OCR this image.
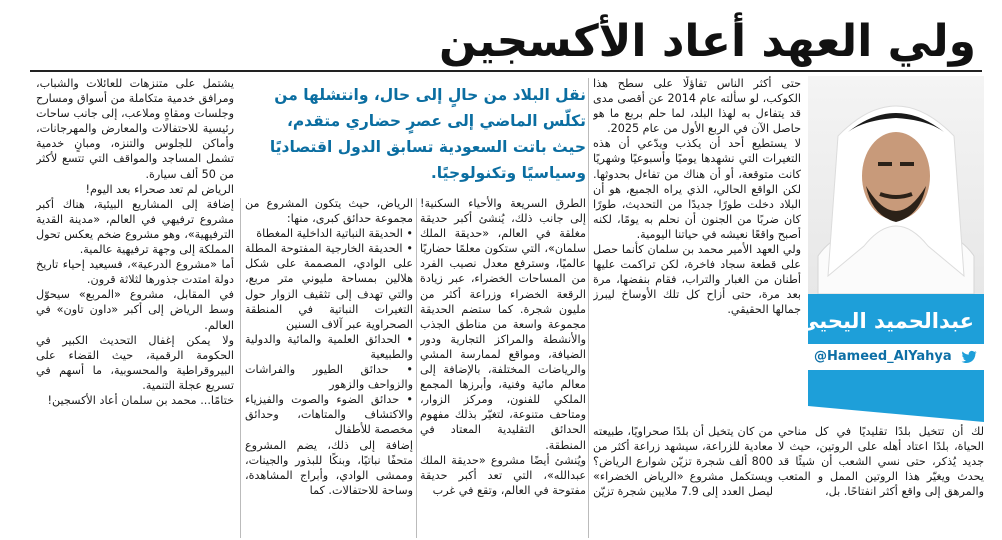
ولي العهد أعاد الأكسجين
عبدالحميد اليحيى
@Hameed_AlYahya

نقل البلاد من حالٍ إلى حال، وانتشلها من

تكلّس الماضي إلى عصرٍ حضاري متقدم،

حيث باتت السعودية تسابق الدول اقتصاديًا

وسياسيًا وتكنولوجيًا.

حتى أكثر الناس تفاؤلًا على سطح هذا الكوكب، لو سألته عام 2014 عن أقصى مدى قد يتفاءل به لهذا البلد، لما حلم بربع ما هو حاصل الآن في الربع الأول من عام 2025.

لا يستطيع أحد أن يكذب ويدّعي أن هذه التغيرات التي نشهدها يوميًا وأسبوعيًا وشهريًا كانت متوقعة، أو أن هناك من تفاءل بحدوثها. لكن الواقع الحالي، الذي يراه الجميع، هو أن البلاد دخلت طورًا جديدًا من التحديث، طورًا كان ضربًا من الجنون أن نحلم به يومًا، لكنه أصبح واقعًا نعيشه في حياتنا اليومية.

ولي العهد الأمير محمد بن سلمان كأنما حصل على قطعة سجاد فاخرة، لكن تراكمت عليها أطنان من الغبار والتراب، فقام بنفضها، مرة بعد مرة، حتى أزاح كل تلك الأوساخ ليبرز جمالها الحقيقي.

لك أن تتخيل بلدًا تقليديًا في كل مناحي الحياة، بلدًا اعتاد أهله على الروتين، حيث لا جديد يُذكر، حتى نسي الشعب أن شيئًا قد يحدث ويغيّر هذا الروتين الممل و المتعب والمرهق إلى واقع أكثر انفتاحًا. بل،

من كان يتخيل أن بلدًا صحراويًا، طبيعته معادية للزراعة، سيشهد زراعة أكثر من 800 ألف شجرة تزيّن شوارع الرياض؟ ويستكمل مشروع «الرياض الخضراء» ليصل العدد إلى 7.9 ملايين شجرة تزيّن

الطرق السريعة والأحياء السكنية! إلى جانب ذلك، يُنشئ أكبر حديقة مغلقة في العالم، «حديقة الملك سلمان»، التي ستكون معلمًا حضاريًا عالميًا، وسترفع معدل نصيب الفرد من المساحات الخضراء، عبر زيادة الرقعة الخضراء وزراعة أكثر من مليون شجرة. كما ستضم الحديقة مجموعة واسعة من مناطق الجذب والأنشطة والمراكز التجارية ودور الضيافة، ومواقع لممارسة المشي والرياضات المختلفة، بالإضافة إلى معالم مائية وفنية، وأبرزها المجمع الملكي للفنون، ومركز الزوار، ومتاحف متنوعة، لتغيّر بذلك مفهوم الحدائق التقليدية المعتاد في المنطقة.

ويُنشئ أيضًا مشروع «حديقة الملك عبدالله»، التي تعد أكبر حديقة مفتوحة في العالم، وتقع في غرب

الرياض، حيث يتكون المشروع من مجموعة حدائق كبرى، منها:

• الحديقة النباتية الداخلية المغطاة

• الحديقة الخارجية المفتوحة المطلة على الوادي، المصممة على شكل هلالين بمساحة مليوني متر مربع، والتي تهدف إلى تثقيف الزوار حول التغيرات النباتية في المنطقة الصحراوية عبر آلاف السنين

• الحدائق العلمية والمائية والدولية والطبيعية

• حدائق الطيور والفراشات والزواحف والزهور

• حدائق الضوء والصوت والفيزياء والاكتشاف والمتاهات، وحدائق مخصصة للأطفال

إضافة إلى ذلك، يضم المشروع متحفًا نباتيًا، وبنكًا للبذور والجينات، وممشى الوادي، وأبراج المشاهدة، وساحة للاحتفالات. كما

يشتمل على متنزهات للعائلات والشباب، ومرافق خدمية متكاملة من أسواق ومسارح وجلسات ومقاهٍ وملاعب، إلى جانب ساحات رئيسية للاحتفالات والمعارض والمهرجانات، وأماكن للجلوس والتنزه، ومبانٍ خدمية تشمل المساجد والمواقف التي تتسع لأكثر من 50 ألف سيارة.

الرياض لم تعد صحراء بعد اليوم!

إضافة إلى المشاريع البيئية، هناك أكبر مشروع ترفيهي في العالم، «مدينة القدية الترفيهية»، وهو مشروع ضخم يعكس تحول المملكة إلى وجهة ترفيهية عالمية.

أما «مشروع الدرعية»، فسيعيد إحياء تاريخ دولة امتدت جذورها لثلاثة قرون.

في المقابل، مشروع «المربع» سيحوّل وسط الرياض إلى أكبر «داون تاون» في العالم.

ولا يمكن إغفال التحديث الكبير في الحكومة الرقمية، حيث القضاء على البيروقراطية والمحسوبية، ما أسهم في تسريع عجلة التنمية.

ختامًا... محمد بن سلمان أعاد الأكسجين!
